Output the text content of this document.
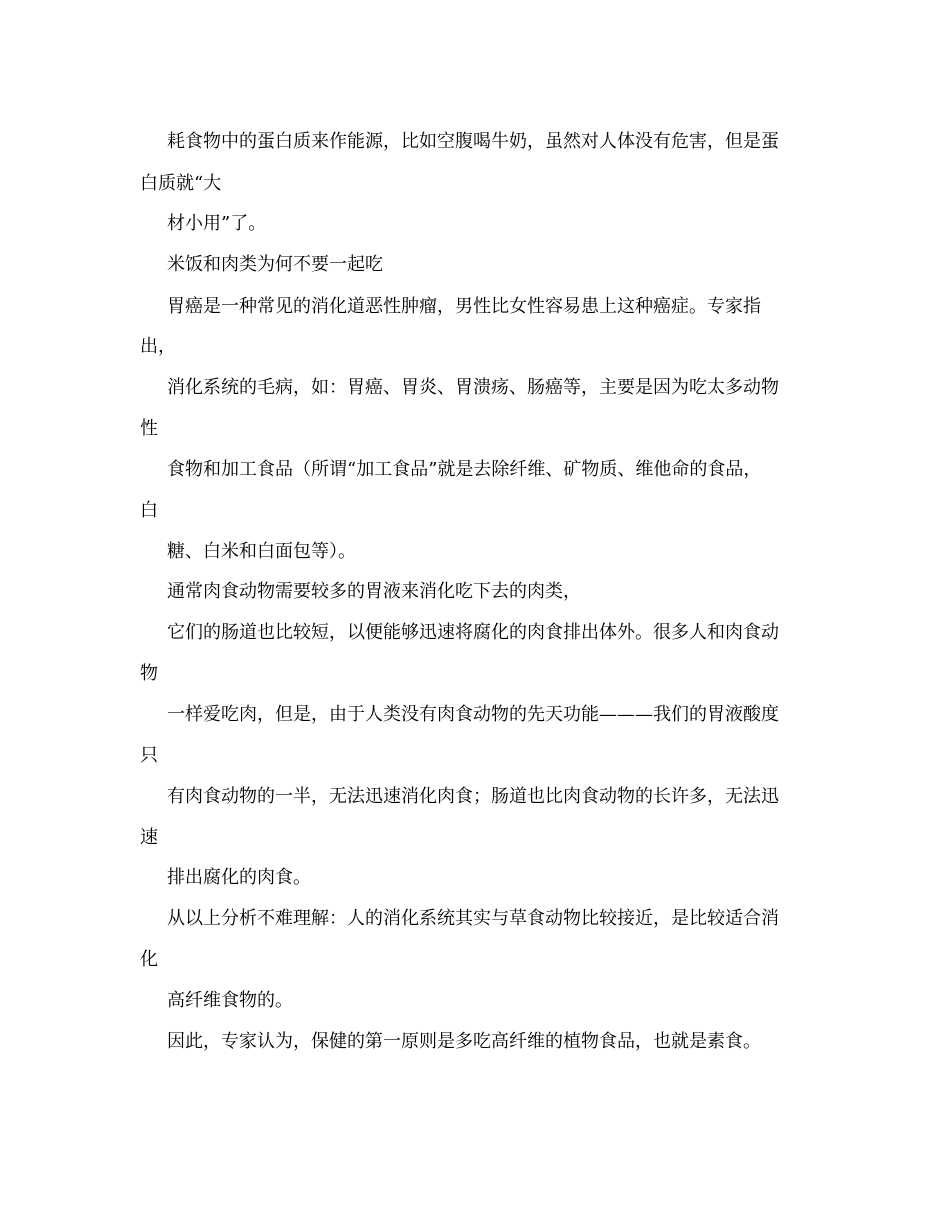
耗食物中的蛋白质来作能源，比如空腹喝牛奶，虽然对人体没有危害，但是蛋
白质就“大
材小用”了。
米饭和肉类为何不要一起吃
胃癌是一种常见的消化道恶性肿瘤，男性比女性容易患上这种癌症。专家指
出，
消化系统的毛病，如：胃癌、胃炎、胃溃疡、肠癌等，主要是因为吃太多动物
性
食物和加工食品（所谓“加工食品”就是去除纤维、矿物质、维他命的食品，
白
糖、白米和白面包等）。
通常肉食动物需要较多的胃液来消化吃下去的肉类，
它们的肠道也比较短，以便能够迅速将腐化的肉食排出体外。很多人和肉食动
物
一样爱吃肉，但是，由于人类没有肉食动物的先天功能———我们的胃液酸度
只
有肉食动物的一半，无法迅速消化肉食；肠道也比肉食动物的长许多，无法迅
速
排出腐化的肉食。
从以上分析不难理解：人的消化系统其实与草食动物比较接近，是比较适合消
化
高纤维食物的。
因此，专家认为，保健的第一原则是多吃高纤维的植物食品，也就是素食。
